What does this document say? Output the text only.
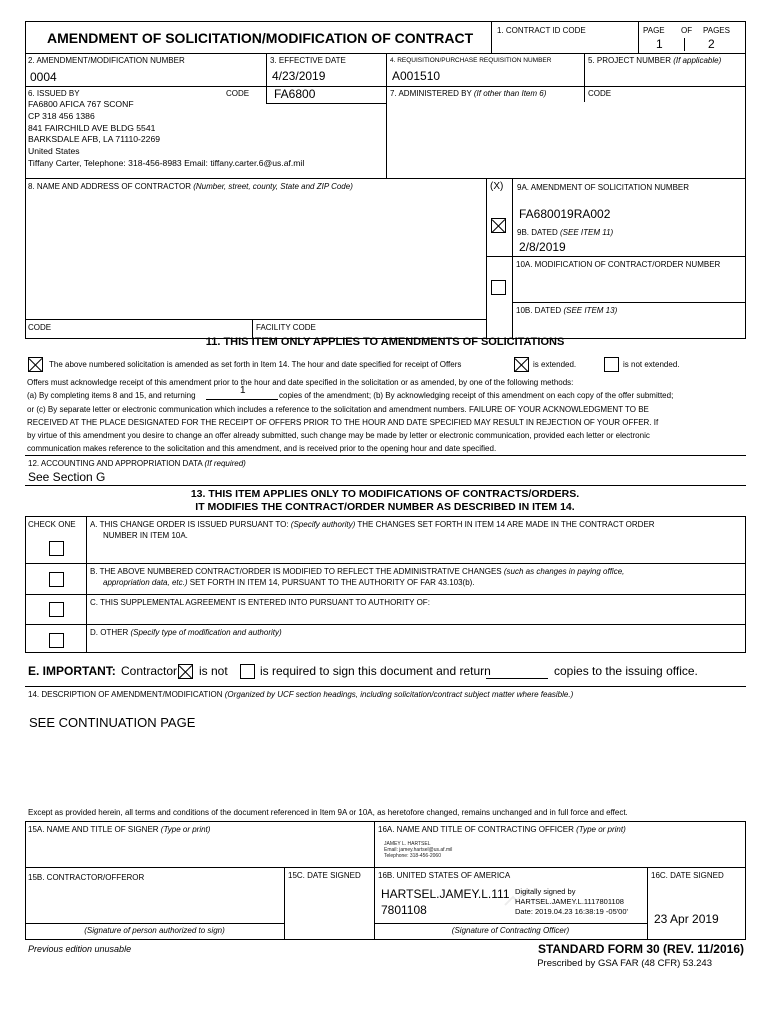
AMENDMENT OF SOLICITATION/MODIFICATION OF CONTRACT	1. CONTRACT ID CODE	PAGE OF PAGES
1	2
2. AMENDMENT/MODIFICATION NUMBER
0004
3. EFFECTIVE DATE
4/23/2019
4. REQUISITION/PURCHASE REQUISITION NUMBER
A001510
5. PROJECT NUMBER (If applicable)
6. ISSUED BY	CODE FA6800
FA6800 AFICA 767 SCONF
CP 318 456 1386
841 FAIRCHILD AVE BLDG 5541
BARKSDALE AFB, LA 71110-2269
United States
Tiffany Carter, Telephone: 318-456-8983 Email: tiffany.carter.6@us.af.mil
7. ADMINISTERED BY (If other than Item 6)	CODE
8. NAME AND ADDRESS OF CONTRACTOR (Number, street, county, State and ZIP Code)	(X) 9A. AMENDMENT OF SOLICITATION NUMBER
FA680019RA002
9B. DATED (SEE ITEM 11)
2/8/2019
10A. MODIFICATION OF CONTRACT/ORDER NUMBER
10B. DATED (SEE ITEM 13)
CODE	FACILITY CODE
11. THIS ITEM ONLY APPLIES TO AMENDMENTS OF SOLICITATIONS
The above numbered solicitation is amended as set forth in Item 14. The hour and date specified for receipt of Offers	is extended.	is not extended.
Offers must acknowledge receipt of this amendment prior to the hour and date specified in the solicitation or as amended, by one of the following methods:
(a) By completing items 8 and 15, and returning	1	copies of the amendment; (b) By acknowledging receipt of this amendment on each copy of the offer submitted;
or (c) By separate letter or electronic communication which includes a reference to the solicitation and amendment numbers. FAILURE OF YOUR ACKNOWLEDGMENT TO BE
RECEIVED AT THE PLACE DESIGNATED FOR THE RECEIPT OF OFFERS PRIOR TO THE HOUR AND DATE SPECIFIED MAY RESULT IN REJECTION OF YOUR OFFER. If
by virtue of this amendment you desire to change an offer already submitted, such change may be made by letter or electronic communication, provided each letter or electronic
communication makes reference to the solicitation and this amendment, and is received prior to the opening hour and date specified.
12. ACCOUNTING AND APPROPRIATION DATA (If required)
See Section G
13. THIS ITEM APPLIES ONLY TO MODIFICATIONS OF CONTRACTS/ORDERS.
IT MODIFIES THE CONTRACT/ORDER NUMBER AS DESCRIBED IN ITEM 14.
CHECK ONE A. THIS CHANGE ORDER IS ISSUED PURSUANT TO: (Specify authority) THE CHANGES SET FORTH IN ITEM 14 ARE MADE IN THE CONTRACT ORDER
NUMBER IN ITEM 10A.
B. THE ABOVE NUMBERED CONTRACT/ORDER IS MODIFIED TO REFLECT THE ADMINISTRATIVE CHANGES (such as changes in paying office,
appropriation data, etc.) SET FORTH IN ITEM 14, PURSUANT TO THE AUTHORITY OF FAR 43.103(b).
C. THIS SUPPLEMENTAL AGREEMENT IS ENTERED INTO PURSUANT TO AUTHORITY OF:
D. OTHER (Specify type of modification and authority)
E. IMPORTANT: Contractor is not	is required to sign this document and return	copies to the issuing office.
14. DESCRIPTION OF AMENDMENT/MODIFICATION (Organized by UCF section headings, including solicitation/contract subject matter where feasible.)
SEE CONTINUATION PAGE
Except as provided herein, all terms and conditions of the document referenced in Item 9A or 10A, as heretofore changed, remains unchanged and in full force and effect.
15A. NAME AND TITLE OF SIGNER (Type or print)	16A. NAME AND TITLE OF CONTRACTING OFFICER (Type or print)
JAMEY L. HARTSEL
Email: jamey.hartsel@us.af.mil
Telephone: 318-456-2060
15B. CONTRACTOR/OFFEROR	15C. DATE SIGNED 16B. UNITED STATES OF AMERICA	16C. DATE SIGNED
HARTSEL.JAMEY.L.111
7801108
Digitally signed by
HARTSEL.JAMEY.L.1117801108
Date: 2019.04.23 16:38:19 -05'00'
23 Apr 2019
(Signature of person authorized to sign)	(Signature of Contracting Officer)
Previous edition unusable	STANDARD FORM 30 (REV. 11/2016)
Prescribed by GSA FAR (48 CFR) 53.243
